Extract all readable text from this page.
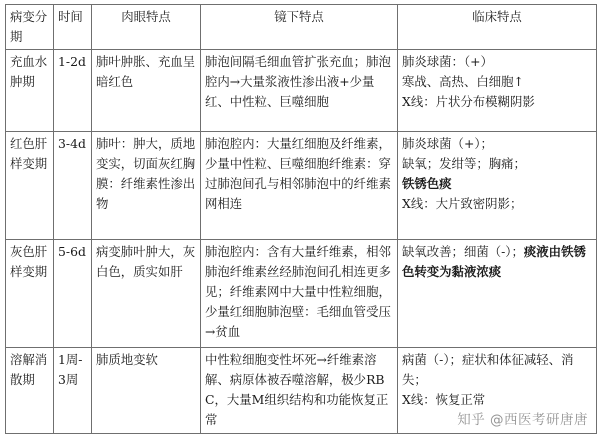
病变分期	时间	肉眼特点	镜下特点	临床特点
充血水肿期	1-2d	肺叶肿胀、充血呈暗红色	肺泡间隔毛细血管扩张充血；肺泡腔内→大量浆液性渗出液+少量红、中性粒、巨噬细胞	肺炎球菌：（+）
寒战、高热、白细胞↑
X线：片状分布模糊阴影

红色肝样变期	3-4d	肺叶：肿大，质地变实，切面灰红胸膜：纤维素性渗出物	肺泡腔内：大量红细胞及纤维素，少量中性粒、巨噬细胞纤维素：穿过肺泡间孔与相邻肺泡中的纤维素网相连	肺炎球菌（+）；
缺氧；发绀等；胸痛；
铁锈色痰
X线：大片致密阴影；

灰色肝样变期	5-6d	病变肺叶肿大，灰白色，质实如肝	肺泡腔内：含有大量纤维素，相邻肺泡纤维素丝经肺泡间孔相连更多见；纤维素网中大量中性粒细胞，少量红细胞肺泡壁：毛细血管受压→贫血	缺氧改善；细菌（-）；痰液由铁锈色转变为黏液浓痰
溶解消散期	1周-3周	肺质地变软	中性粒细胞变性坏死→纤维素溶解、病原体被吞噬溶解，极少RBC，大量M组织结构和功能恢复正常	病菌（-）；症状和体征减轻、消失；
X线：恢复正常
知乎 @西医考研唐唐
